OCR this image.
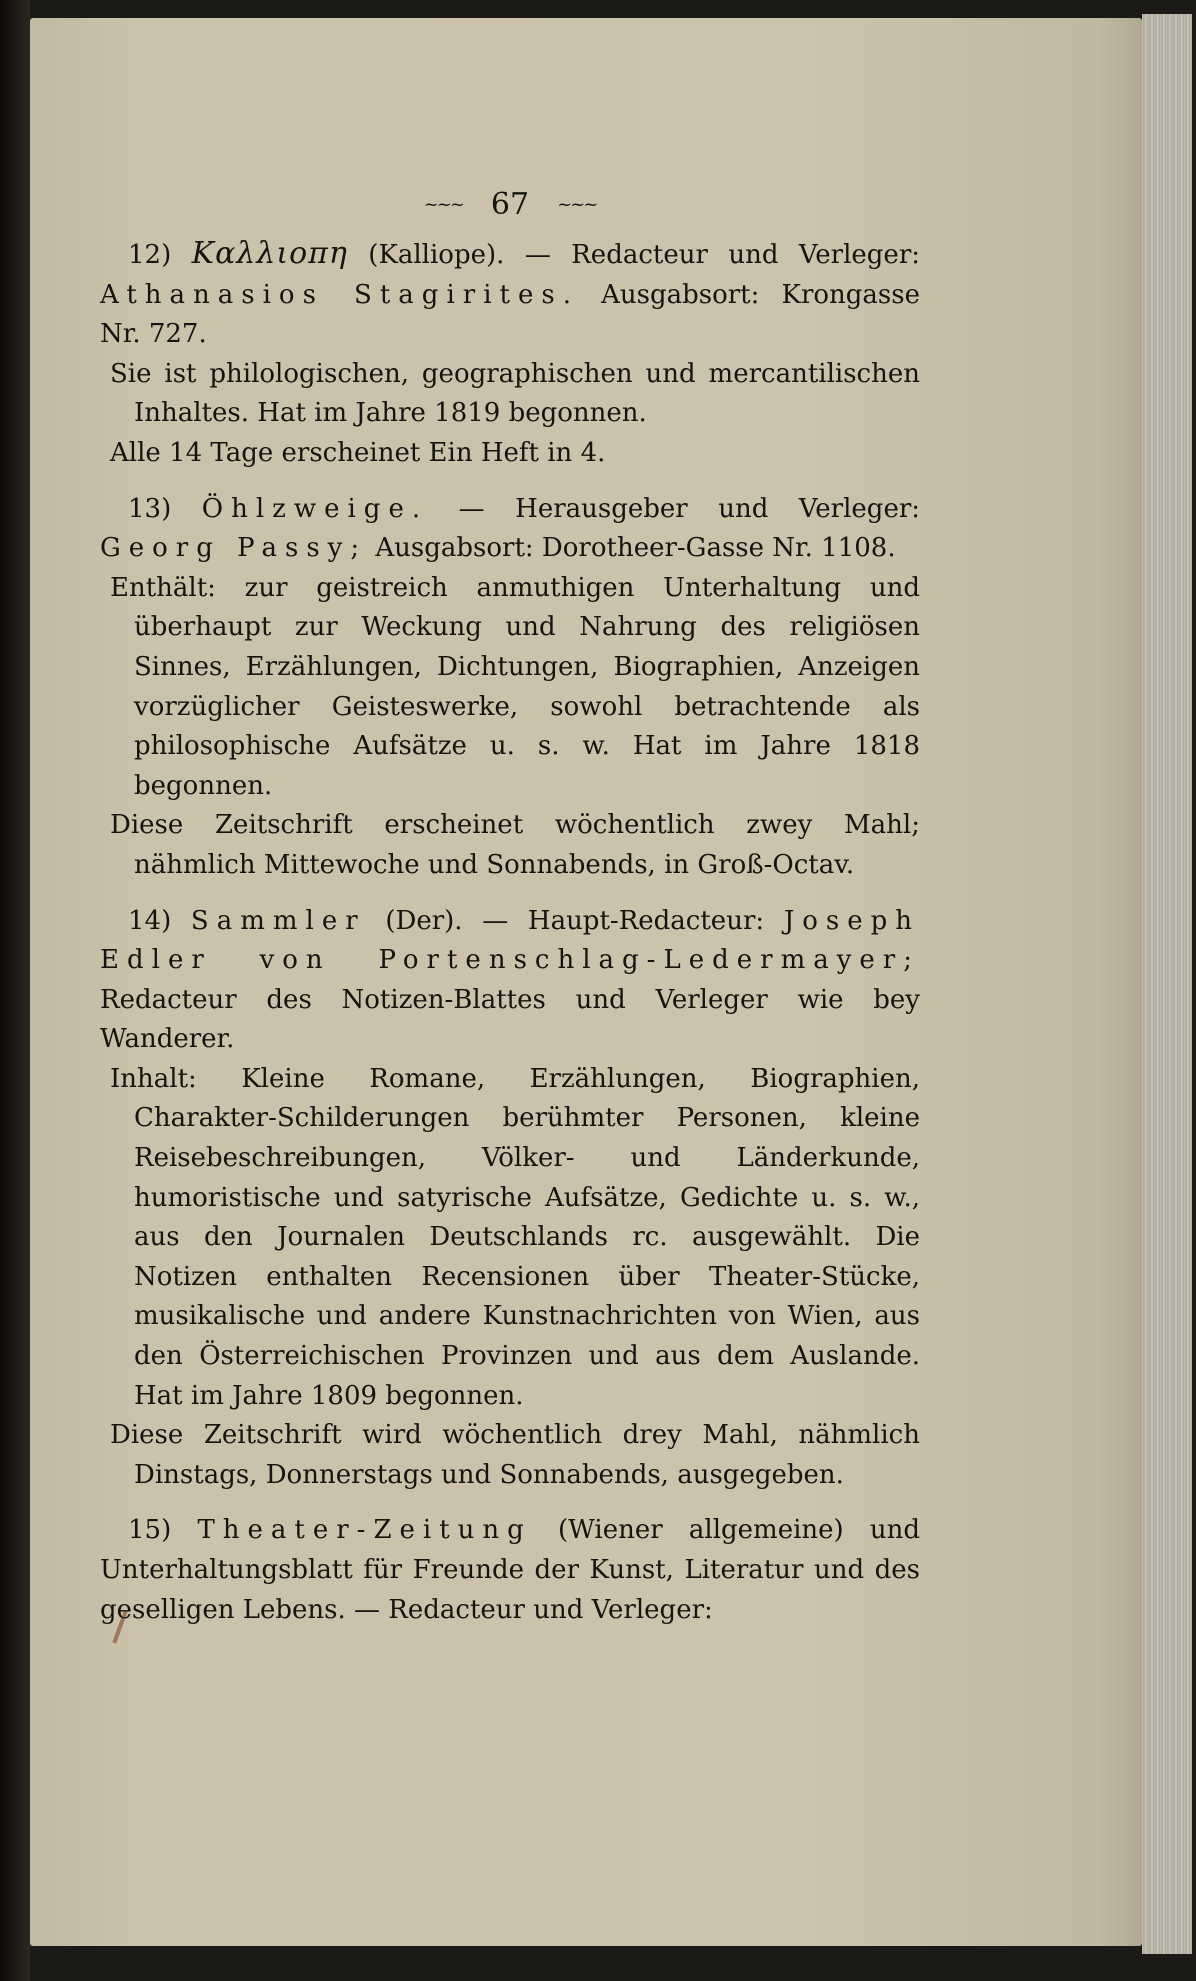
~~~ 67 ~~~

12) Καλλιοπη (Kalliope). — Redacteur und Verleger: Athanasios Stagirites. Ausgabsort: Krongasse Nr. 727.

Sie ist philologischen, geographischen und mercantilischen Inhaltes. Hat im Jahre 1819 begonnen.

Alle 14 Tage erscheinet Ein Heft in 4.

13) Öhlzweige. — Herausgeber und Verleger: Georg Passy; Ausgabsort: Dorotheer-Gasse Nr. 1108.

Enthält: zur geistreich anmuthigen Unterhaltung und überhaupt zur Weckung und Nahrung des religiösen Sinnes, Erzählungen, Dichtungen, Biographien, Anzeigen vorzüglicher Geisteswerke, sowohl betrachtende als philosophische Aufsätze u. s. w. Hat im Jahre 1818 begonnen.

Diese Zeitschrift erscheinet wöchentlich zwey Mahl; nähmlich Mittewoche und Sonnabends, in Groß-Octav.

14) Sammler (Der). — Haupt-Redacteur: Joseph Edler von Portenschlag-Ledermayer; Redacteur des Notizen-Blattes und Verleger wie bey Wanderer.

Inhalt: Kleine Romane, Erzählungen, Biographien, Charakter-Schilderungen berühmter Personen, kleine Reisebeschreibungen, Völker- und Länderkunde, humoristische und satyrische Aufsätze, Gedichte u. s. w., aus den Journalen Deutschlands rc. ausgewählt. Die Notizen enthalten Recensionen über Theater-Stücke, musikalische und andere Kunstnachrichten von Wien, aus den Österreichischen Provinzen und aus dem Auslande. Hat im Jahre 1809 begonnen.

Diese Zeitschrift wird wöchentlich drey Mahl, nähmlich Dinstags, Donnerstags und Sonnabends, ausgegeben.

15) Theater-Zeitung (Wiener allgemeine) und Unterhaltungsblatt für Freunde der Kunst, Literatur und des geselligen Lebens. — Redacteur und Verleger:
